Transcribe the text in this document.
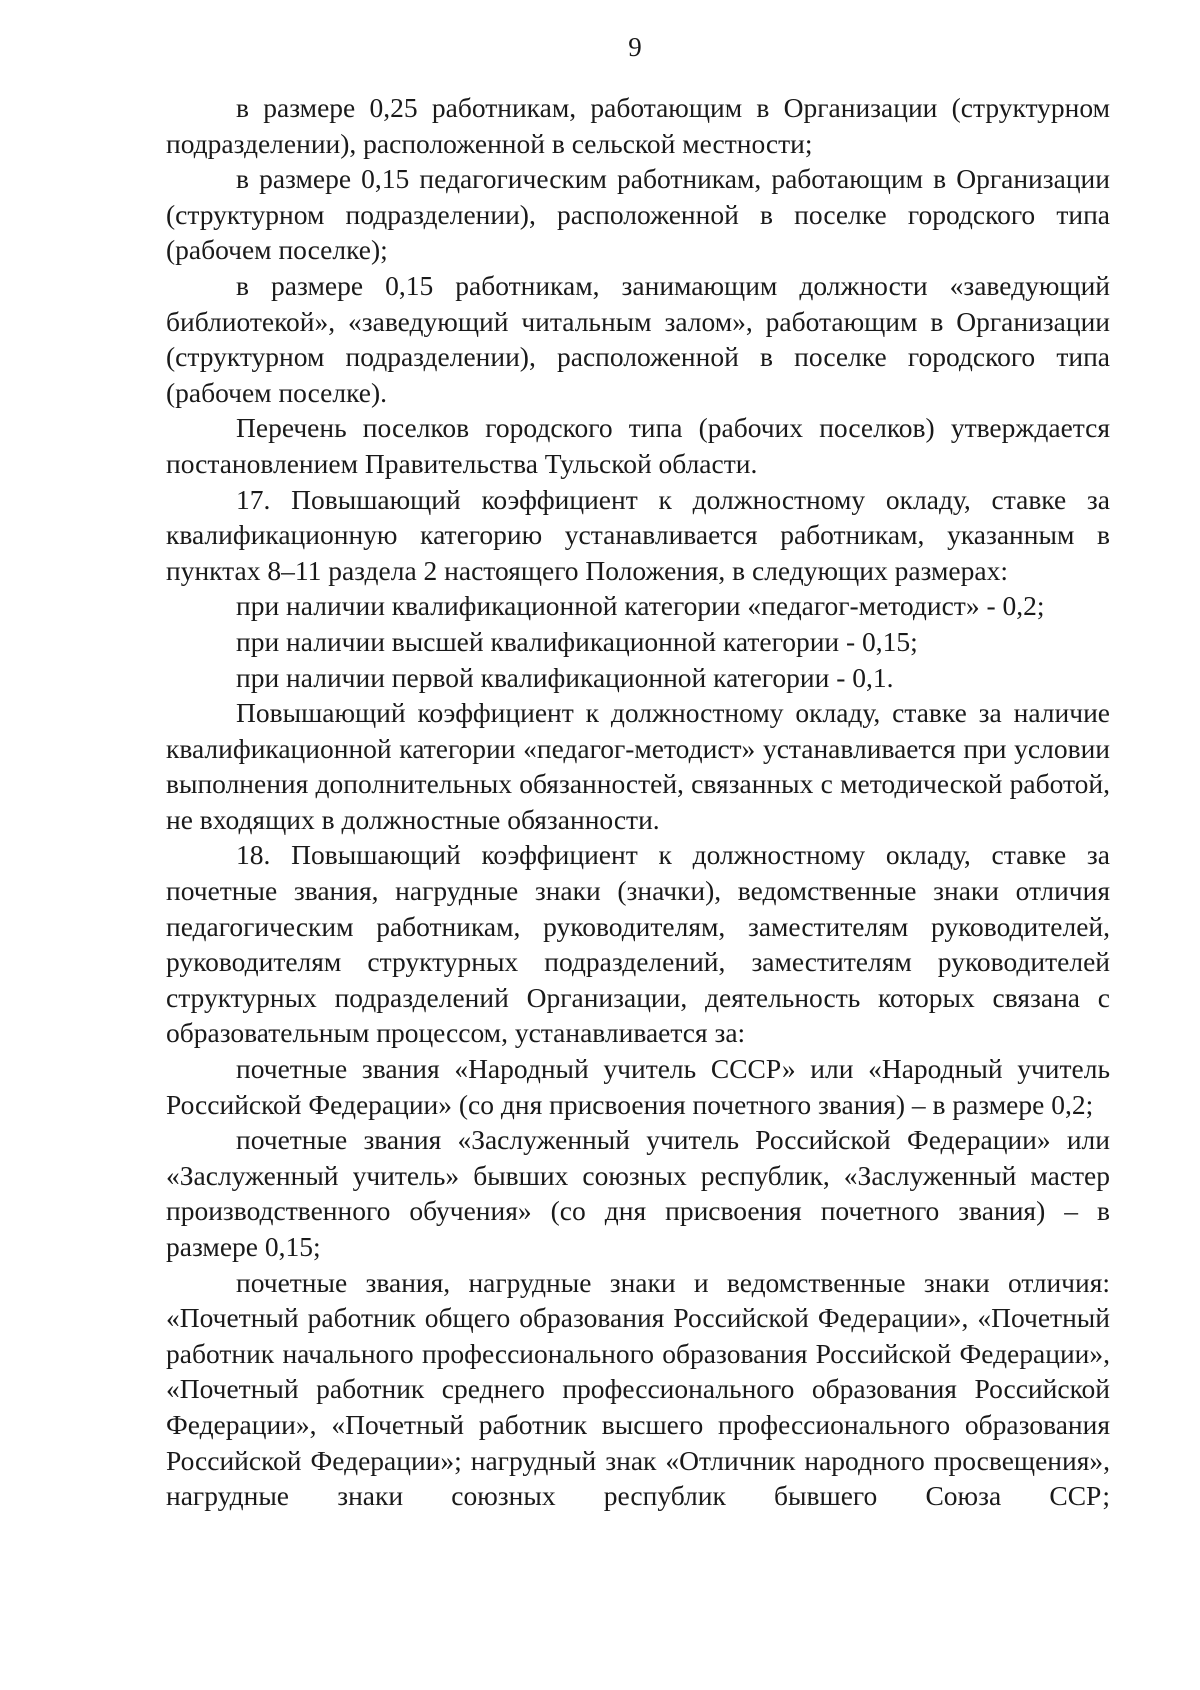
9

в размере 0,25 работникам, работающим в Организации (структурном подразделении), расположенной в сельской местности;

в размере 0,15 педагогическим работникам, работающим в Организации (структурном подразделении), расположенной в поселке городского типа (рабочем поселке);

в размере 0,15 работникам, занимающим должности «заведующий библиотекой», «заведующий читальным залом», работающим в Организации (структурном подразделении), расположенной в поселке городского типа (рабочем поселке).

Перечень поселков городского типа (рабочих поселков) утверждается постановлением Правительства Тульской области.

17. Повышающий коэффициент к должностному окладу, ставке за квалификационную категорию устанавливается работникам, указанным в пунктах 8–11 раздела 2 настоящего Положения, в следующих размерах:

при наличии квалификационной категории «педагог-методист» - 0,2;

при наличии высшей квалификационной категории - 0,15;

при наличии первой квалификационной категории - 0,1.

Повышающий коэффициент к должностному окладу, ставке за наличие квалификационной категории «педагог-методист» устанавливается при условии выполнения дополнительных обязанностей, связанных с методической работой, не входящих в должностные обязанности.

18. Повышающий коэффициент к должностному окладу, ставке за почетные звания, нагрудные знаки (значки), ведомственные знаки отличия педагогическим работникам, руководителям, заместителям руководителей, руководителям структурных подразделений, заместителям руководителей структурных подразделений Организации, деятельность которых связана с образовательным процессом, устанавливается за:

почетные звания «Народный учитель СССР» или «Народный учитель Российской Федерации» (со дня присвоения почетного звания) – в размере 0,2;

почетные звания «Заслуженный учитель Российской Федерации» или «Заслуженный учитель» бывших союзных республик, «Заслуженный мастер производственного обучения» (со дня присвоения почетного звания) – в размере 0,15;

почетные звания, нагрудные знаки и ведомственные знаки отличия: «Почетный работник общего образования Российской Федерации», «Почетный работник начального профессионального образования Российской Федерации», «Почетный работник среднего профессионального образования Российской Федерации», «Почетный работник высшего профессионального образования Российской Федерации»; нагрудный знак «Отличник народного просвещения», нагрудные знаки союзных республик бывшего Союза ССР;
